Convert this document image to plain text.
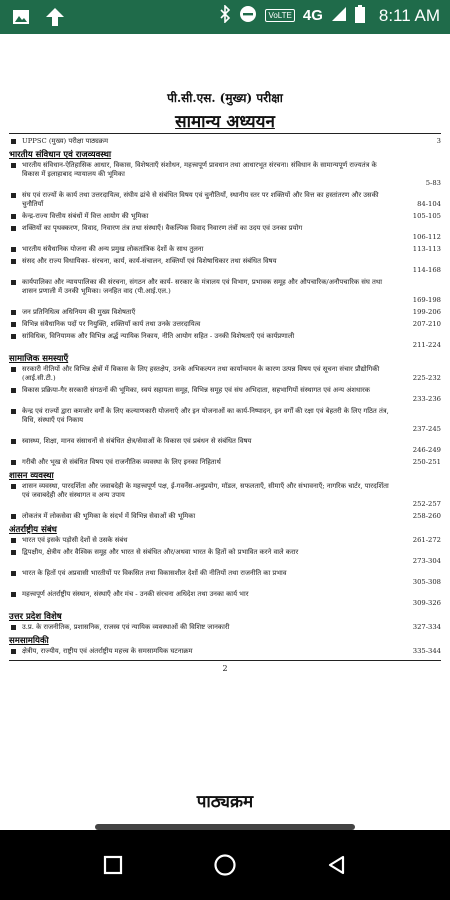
VoLTE 4G	8:11 AM
पी.सी.एस. (मुख्य) परीक्षा
सामान्य अध्ययन
UPPSC (मुख्य) परीक्षा पाठ्यक्रम	3
भारतीय संविधान एवं राजव्यवस्था
भारतीय संविधान-ऐतिहासिक आधार, विकास, विशेषताएँ संशोधन, महत्त्वपूर्ण प्रावधान तथा आधारभूत संरचना। संविधान के सामान्यपूर्ण राज्यतंत्र के विकास में इलाहाबाद न्यायालय की भूमिका
5-83
संघ एवं राज्यों के कार्य तथा उत्तरदायित्व, संघीय ढांचे से संबंधित विषय एवं चुनौतियाँ, स्थानीय स्तर पर शक्तियों और वित्त का हस्तांतरण और उसकी चुनौतियाँ	84-104
केन्द्र-राज्य वित्तीय संबंधों में वित्त आयोग की भूमिका	105-105
शक्तियों का पृथक्करण, विवाद, निवारण तंत्र तथा संस्थाएँ। वैकल्पिक विवाद निवारण तंत्रों का उदय एवं उनका प्रयोग
106-112
भारतीय संवैधानिक योजना की अन्य प्रमुख लोकतांत्रिक देशों के साथ तुलना	113-113
संसद और राज्य विधायिका- संरचना, कार्य, कार्य-संचालन, शक्तियाँ एवं विशेषाधिकार तथा संबंधित विषय
114-168
कार्यपालिका और न्यायपालिका की संरचना, संगठन और कार्य- सरकार के मंत्रालय एवं विभाग, प्रभावक समूह और औपचारिक/अनौपचारिक संघ तथा शासन प्रणाली में उनकी भूमिका। जनहित वाद (पी.आई.एल.)
169-198
जन प्रतिनिधित्व अधिनियम की मुख्य विशेषताएँ	199-206
विभिन्न संवैधानिक पदों पर नियुक्ति, शक्तियाँ कार्य तथा उनके उत्तरदायित्व	207-210
सांविधिक, विनियामक और विभिन्न अर्द्ध न्यायिक निकाय, नीति आयोग सहित - उनकी विशेषताएँ एवं कार्यप्रणाली
211-224
सामाजिक समस्याएँ
सरकारी नीतियों और विभिन्न क्षेत्रों में विकास के लिए हस्तक्षेप, उनके अभिकल्पन तथा कार्यान्वयन के कारण उत्पन्न विषय एवं सूचना संचार प्रौद्योगिकी (आई.सी.टी.)	225-232
विकास प्रक्रिया-गैर सरकारी संगठनों की भूमिका, स्वयं सहायता समूह, विभिन्न समूह एवं संघ अभिदाता, सहभागियों संस्थागत एवं अन्य अंशधारक
233-236
केन्द्र एवं राज्यों द्वारा कमजोर वर्गों के लिए कल्याणकारी योजनाएँ और इन योजनाओं का कार्य-निष्पादन, इन वर्गों की रक्षा एवं बेहतरी के लिए गठित तंत्र, विधि, संस्थाएँ एवं निकाय
237-245
स्वास्थ्य, शिक्षा, मानव संसाधनों से संबंधित क्षेत्र/सेवाओं के विकास एवं प्रबंधन से संबंधित विषय
246-249
गरीबी और भूख से संबंधित विषय एवं राजनीतिक व्यवस्था के लिए इनका निहितार्थ	250-251
शासन व्यवस्था
शासन व्यवस्था, पारदर्शिता और जवाबदेही के महत्त्वपूर्ण पक्ष, ई-गवर्नेंस-अनुप्रयोग, मॉडल, सफलताएँ, सीमाएँ और संभावनाएँ; नागरिक चार्टर, पारदर्शिता एवं जवाबदेही और संस्थागत व अन्य उपाय
252-257
लोकतंत्र में लोकसेवा की भूमिका के संदर्भ में विभिन्न सेवाओं की भूमिका	258-260
अंतर्राष्ट्रीय संबंध
भारत एवं इसके पड़ोसी देशों से उसके संबंध	261-272
द्विपक्षीय, क्षेत्रीय और वैश्विक समूह और भारत से संबंधित और/अथवा भारत के हितों को प्रभावित करने वाले करार
273-304
भारत के हितों एवं अप्रवासी भारतीयों पर विकसित तथा विकासशील देशों की नीतियों तथा राजनीति का प्रभाव
305-308
महत्त्वपूर्ण अंतर्राष्ट्रीय संस्थान, संस्थाएँ और मंच - उनकी संरचना अधिदेश तथा उनका कार्य भार
309-326
उत्तर प्रदेश विशेष
उ.प्र. के राजनीतिक, प्रशासनिक, राजस्व एवं न्यायिक व्यवस्थाओं की विशिष्ट जानकारी	327-334
समसामयिकी
क्षेत्रीय, राज्यीय, राष्ट्रीय एवं अंतर्राष्ट्रीय महत्त्व के समसामयिक घटनाक्रम	335-344
2
पाठ्यक्रम
